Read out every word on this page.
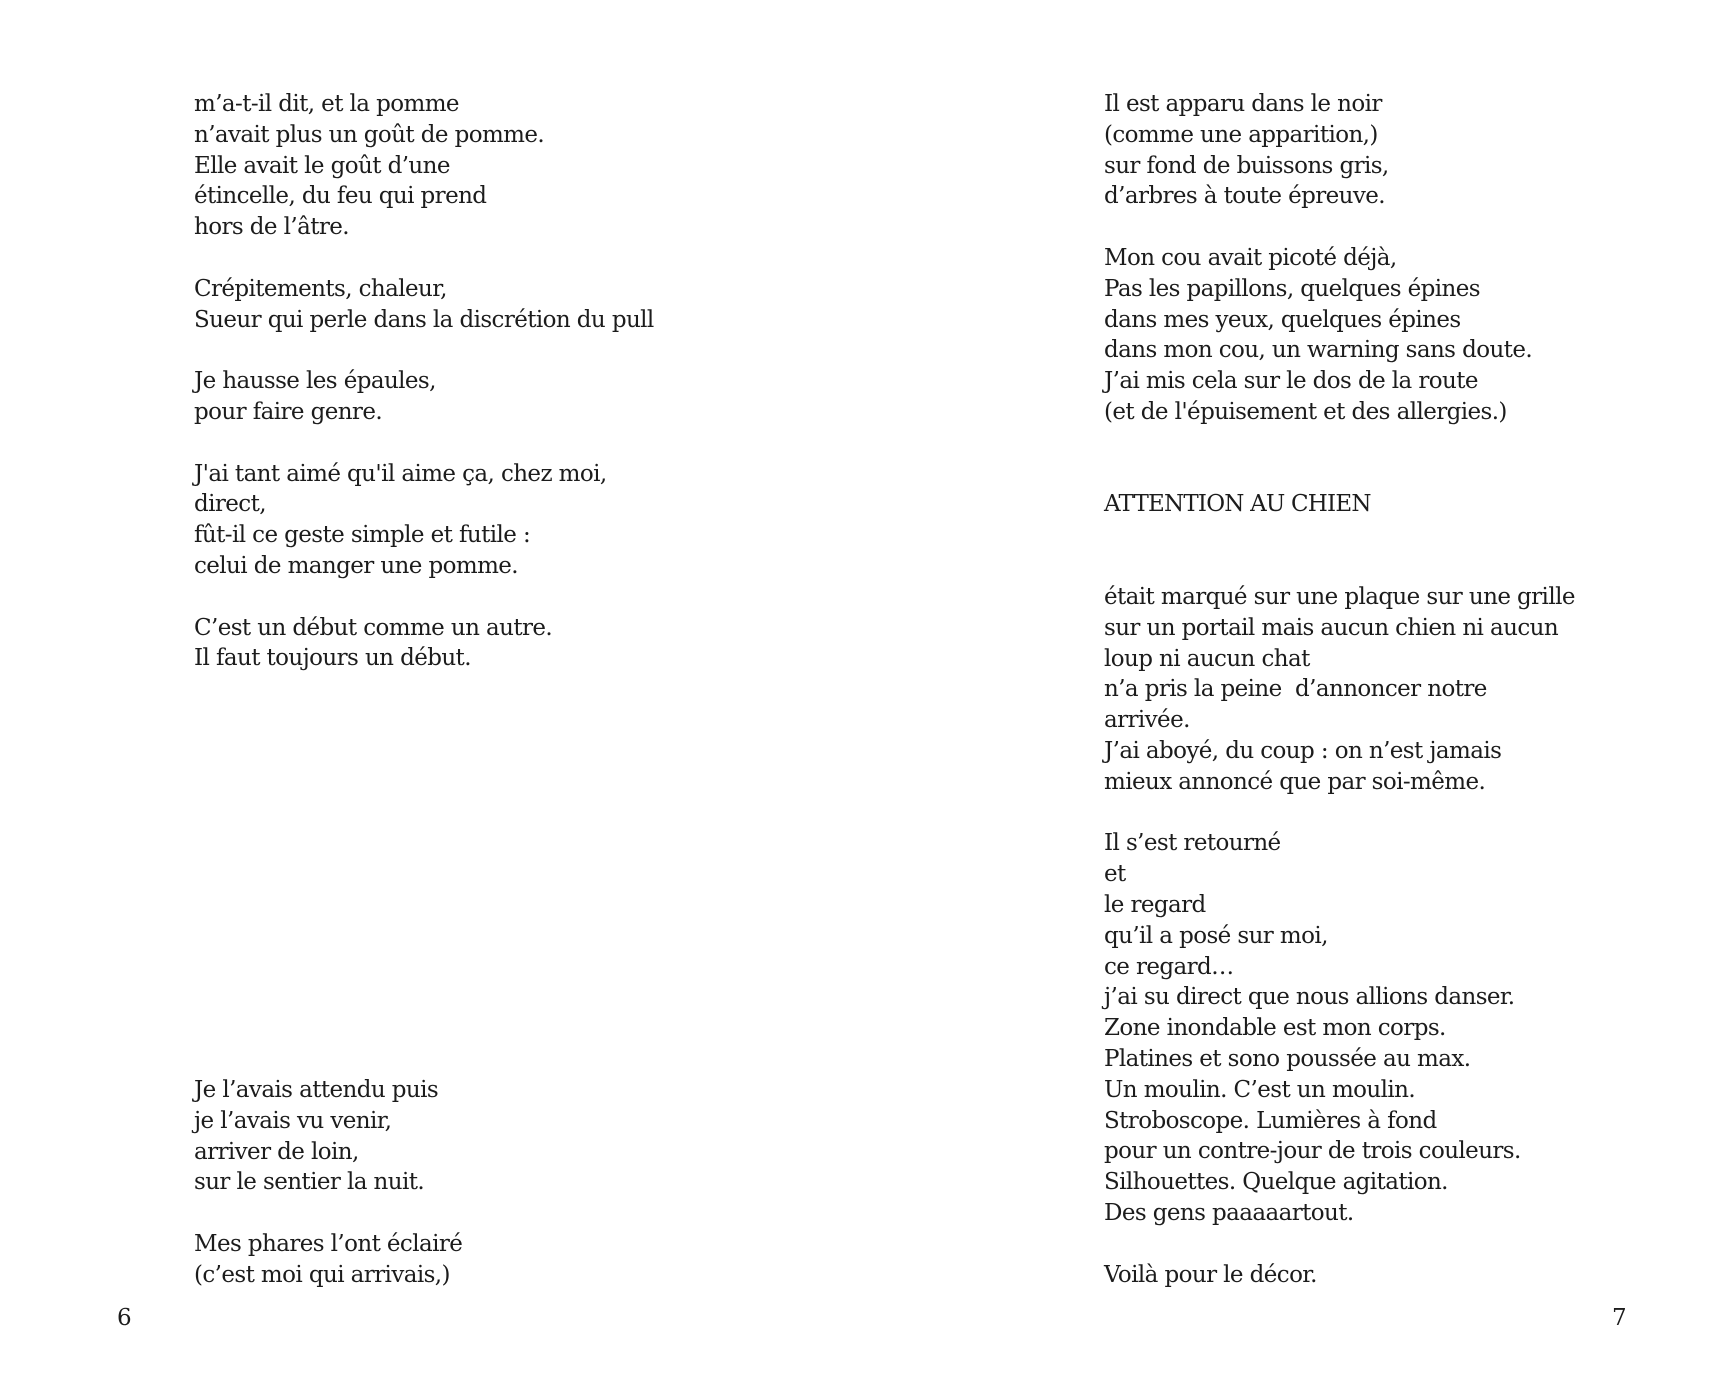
m’a-t-il dit, et la pomme
n’avait plus un goût de pomme.
Elle avait le goût d’une
étincelle, du feu qui prend
hors de l’âtre.
Crépitements, chaleur,
Sueur qui perle dans la discrétion du pull
Je hausse les épaules,
pour faire genre.
J'ai tant aimé qu'il aime ça, chez moi,
direct,
fût-il ce geste simple et futile :
celui de manger une pomme.
C’est un début comme un autre.
Il faut toujours un début.
Je l’avais attendu puis
je l’avais vu venir,
arriver de loin,
sur le sentier la nuit.
Mes phares l’ont éclairé
(c’est moi qui arrivais,)
6
Il est apparu dans le noir
(comme une apparition,)
sur fond de buissons gris,
d’arbres à toute épreuve.
Mon cou avait picoté déjà,
Pas les papillons, quelques épines
dans mes yeux, quelques épines
dans mon cou, un warning sans doute.
J’ai mis cela sur le dos de la route
(et de l'épuisement et des allergies.)
ATTENTION AU CHIEN
était marqué sur une plaque sur une grille
sur un portail mais aucun chien ni aucun
loup ni aucun chat
n’a pris la peine  d’annoncer notre
arrivée.
J’ai aboyé, du coup : on n’est jamais
mieux annoncé que par soi-même.
Il s’est retourné
et
le regard
qu’il a posé sur moi,
ce regard…
j’ai su direct que nous allions danser.
Zone inondable est mon corps.
Platines et sono poussée au max.
Un moulin. C’est un moulin.
Stroboscope. Lumières à fond
pour un contre-jour de trois couleurs.
Silhouettes. Quelque agitation.
Des gens paaaaartout.
Voilà pour le décor.
7
